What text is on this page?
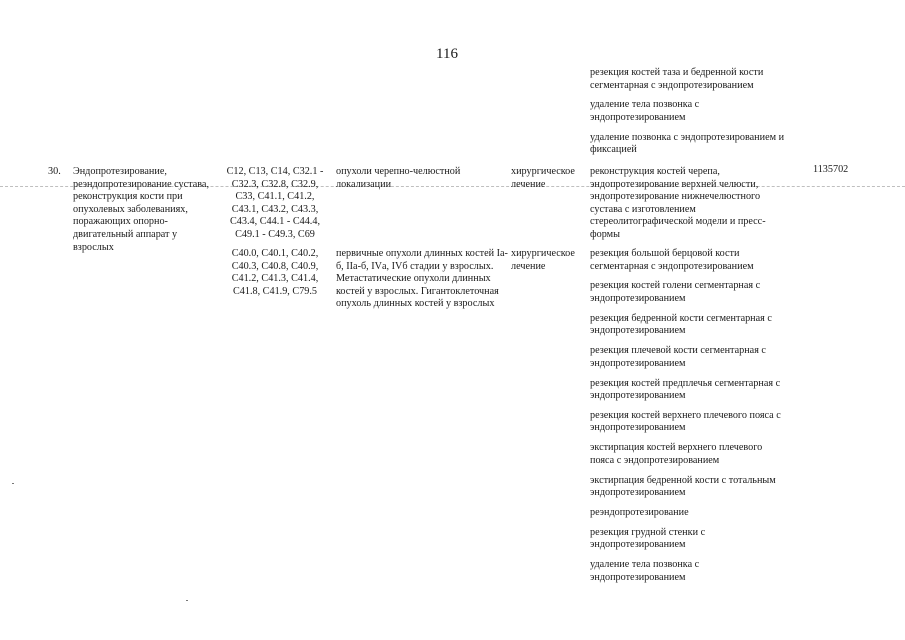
116
резекция костей таза и бедренной кости сегментарная с эндопротезированием
удаление тела позвонка с эндопротезированием
удаление позвонка с эндопротезированием и фиксацией
30.	Эндопротезирование, реэндопротезирование сустава, реконструкция кости при опухолевых заболеваниях, поражающих опорно-двигательный аппарат у взрослых
1135702
C12, C13, C14, C32.1 - C32.3, C32.8, C32.9, C33, C41.1, C41.2, C43.1, C43.2, C43.3, C43.4, C44.1 - C44.4, C49.1 - C49.3, C69
опухоли черепно-челюстной локализации
хирургическое лечение
реконструкция костей черепа, эндопротезирование верхней челюсти, эндопротезирование нижнечелюстного сустава с изготовлением стереолитографической модели и пресс-формы
C40.0, C40.1, C40.2, C40.3, C40.8, C40.9, C41.2, C41.3, C41.4, C41.8, C41.9, C79.5
первичные опухоли длинных костей Iа-б, IIа-б, IVа, IVб стадии у взрослых. Метастатические опухоли длинных костей у взрослых. Гигантоклеточная опухоль длинных костей у взрослых
хирургическое лечение
резекция большой берцовой кости сегментарная с эндопротезированием
резекция костей голени сегментарная с эндопротезированием
резекция бедренной кости сегментарная с эндопротезированием
резекция плечевой кости сегментарная с эндопротезированием
резекция костей предплечья сегментарная с эндопротезированием
резекция костей верхнего плечевого пояса с эндопротезированием
экстирпация костей верхнего плечевого пояса с эндопротезированием
экстирпация бедренной кости с тотальным эндопротезированием
реэндопротезирование
резекция грудной стенки с эндопротезированием
удаление тела позвонка с эндопротезированием
